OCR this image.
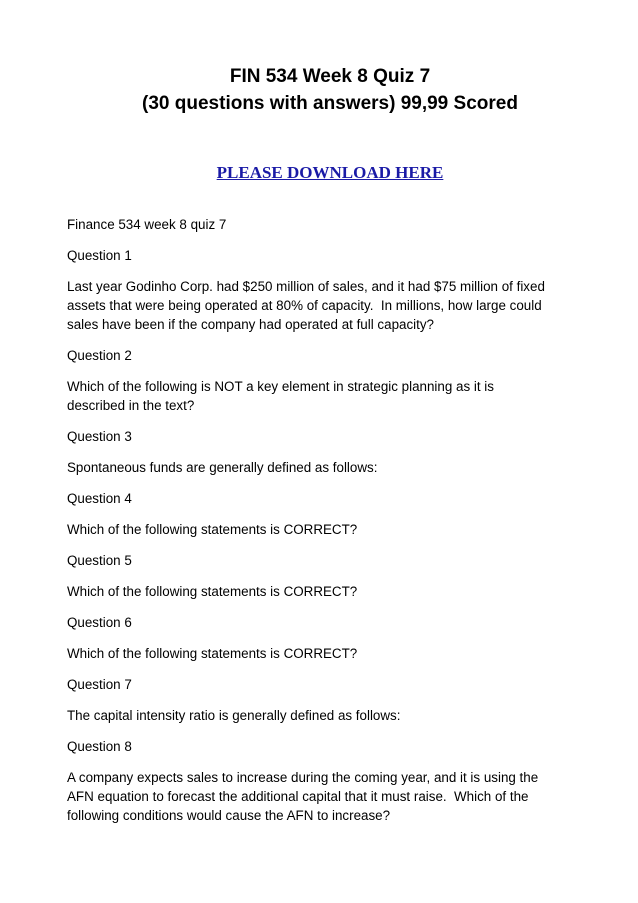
FIN 534 Week 8 Quiz 7

(30 questions with answers) 99,99 Scored

PLEASE DOWNLOAD HERE

Finance 534 week 8 quiz 7

Question 1

Last year Godinho Corp. had $250 million of sales, and it had $75 million of fixed
assets that were being operated at 80% of capacity.  In millions, how large could
sales have been if the company had operated at full capacity?

Question 2

Which of the following is NOT a key element in strategic planning as it is
described in the text?

Question 3

Spontaneous funds are generally defined as follows:

Question 4

Which of the following statements is CORRECT?

Question 5

Which of the following statements is CORRECT?

Question 6

Which of the following statements is CORRECT?

Question 7

The capital intensity ratio is generally defined as follows:

Question 8

A company expects sales to increase during the coming year, and it is using the
AFN equation to forecast the additional capital that it must raise.  Which of the
following conditions would cause the AFN to increase?
